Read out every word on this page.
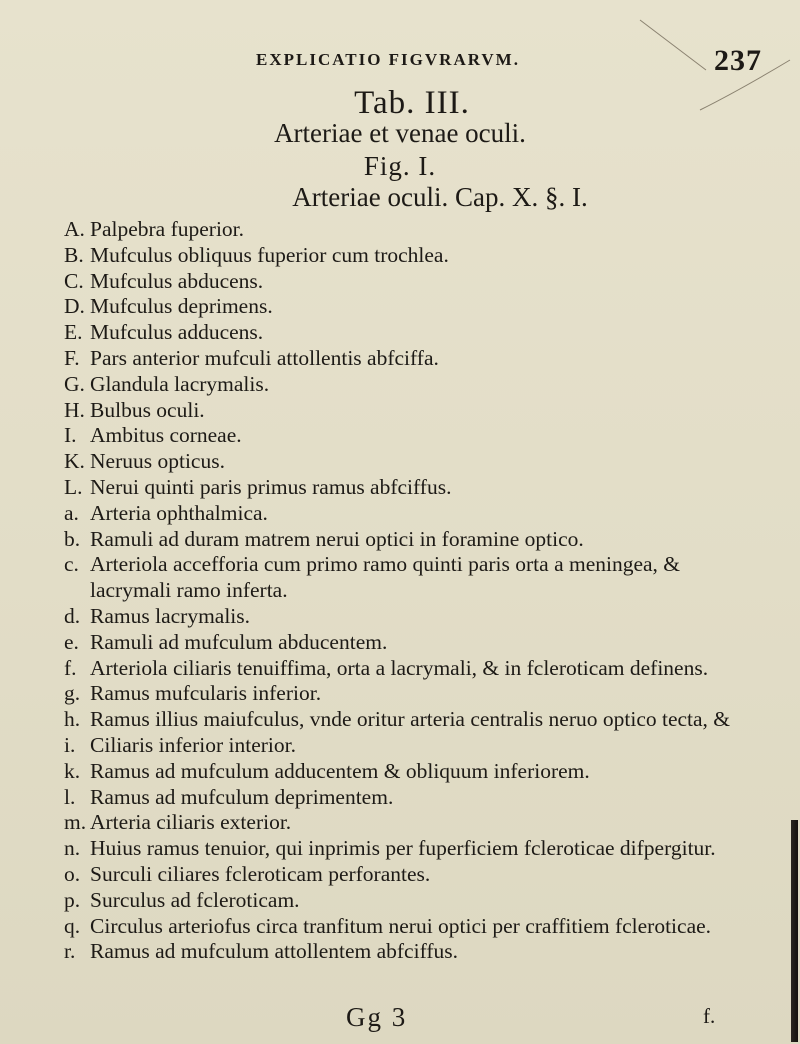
EXPLICATIO FIGVRARVM.	237
Tab. III.
Arteriae et venae oculi.
Fig. I.
Arteriae oculi. Cap. X. §. I.
A. Palpebra fuperior.
B. Mufculus obliquus fuperior cum trochlea.
C. Mufculus abducens.
D. Mufculus deprimens.
E. Mufculus adducens.
F. Pars anterior mufculi attollentis abfciffa.
G. Glandula lacrymalis.
H. Bulbus oculi.
I. Ambitus corneae.
K. Neruus opticus.
L. Nerui quinti paris primus ramus abfciffus.
a. Arteria ophthalmica.
b. Ramuli ad duram matrem nerui optici in foramine optico.
c. Arteriola accefforia cum primo ramo quinti paris orta a meningea, & lacrymali ramo inferta.
d. Ramus lacrymalis.
e. Ramuli ad mufculum abducentem.
f. Arteriola ciliaris tenuiffima, orta a lacrymali, & in fcleroticam definens.
g. Ramus mufcularis inferior.
h. Ramus illius maiufculus, vnde oritur arteria centralis neruo optico tecta, &
i. Ciliaris inferior interior.
k. Ramus ad mufculum adducentem & obliquum inferiorem.
l. Ramus ad mufculum deprimentem.
m. Arteria ciliaris exterior.
n. Huius ramus tenuior, qui inprimis per fuperficiem fcleroticae difpergitur.
o. Surculi ciliares fcleroticam perforantes.
p. Surculus ad fcleroticam.
q. Circulus arteriofus circa tranfitum nerui optici per craffitiem fcleroticae.
r. Ramus ad mufculum attollentem abfciffus.
Gg 3	f.
